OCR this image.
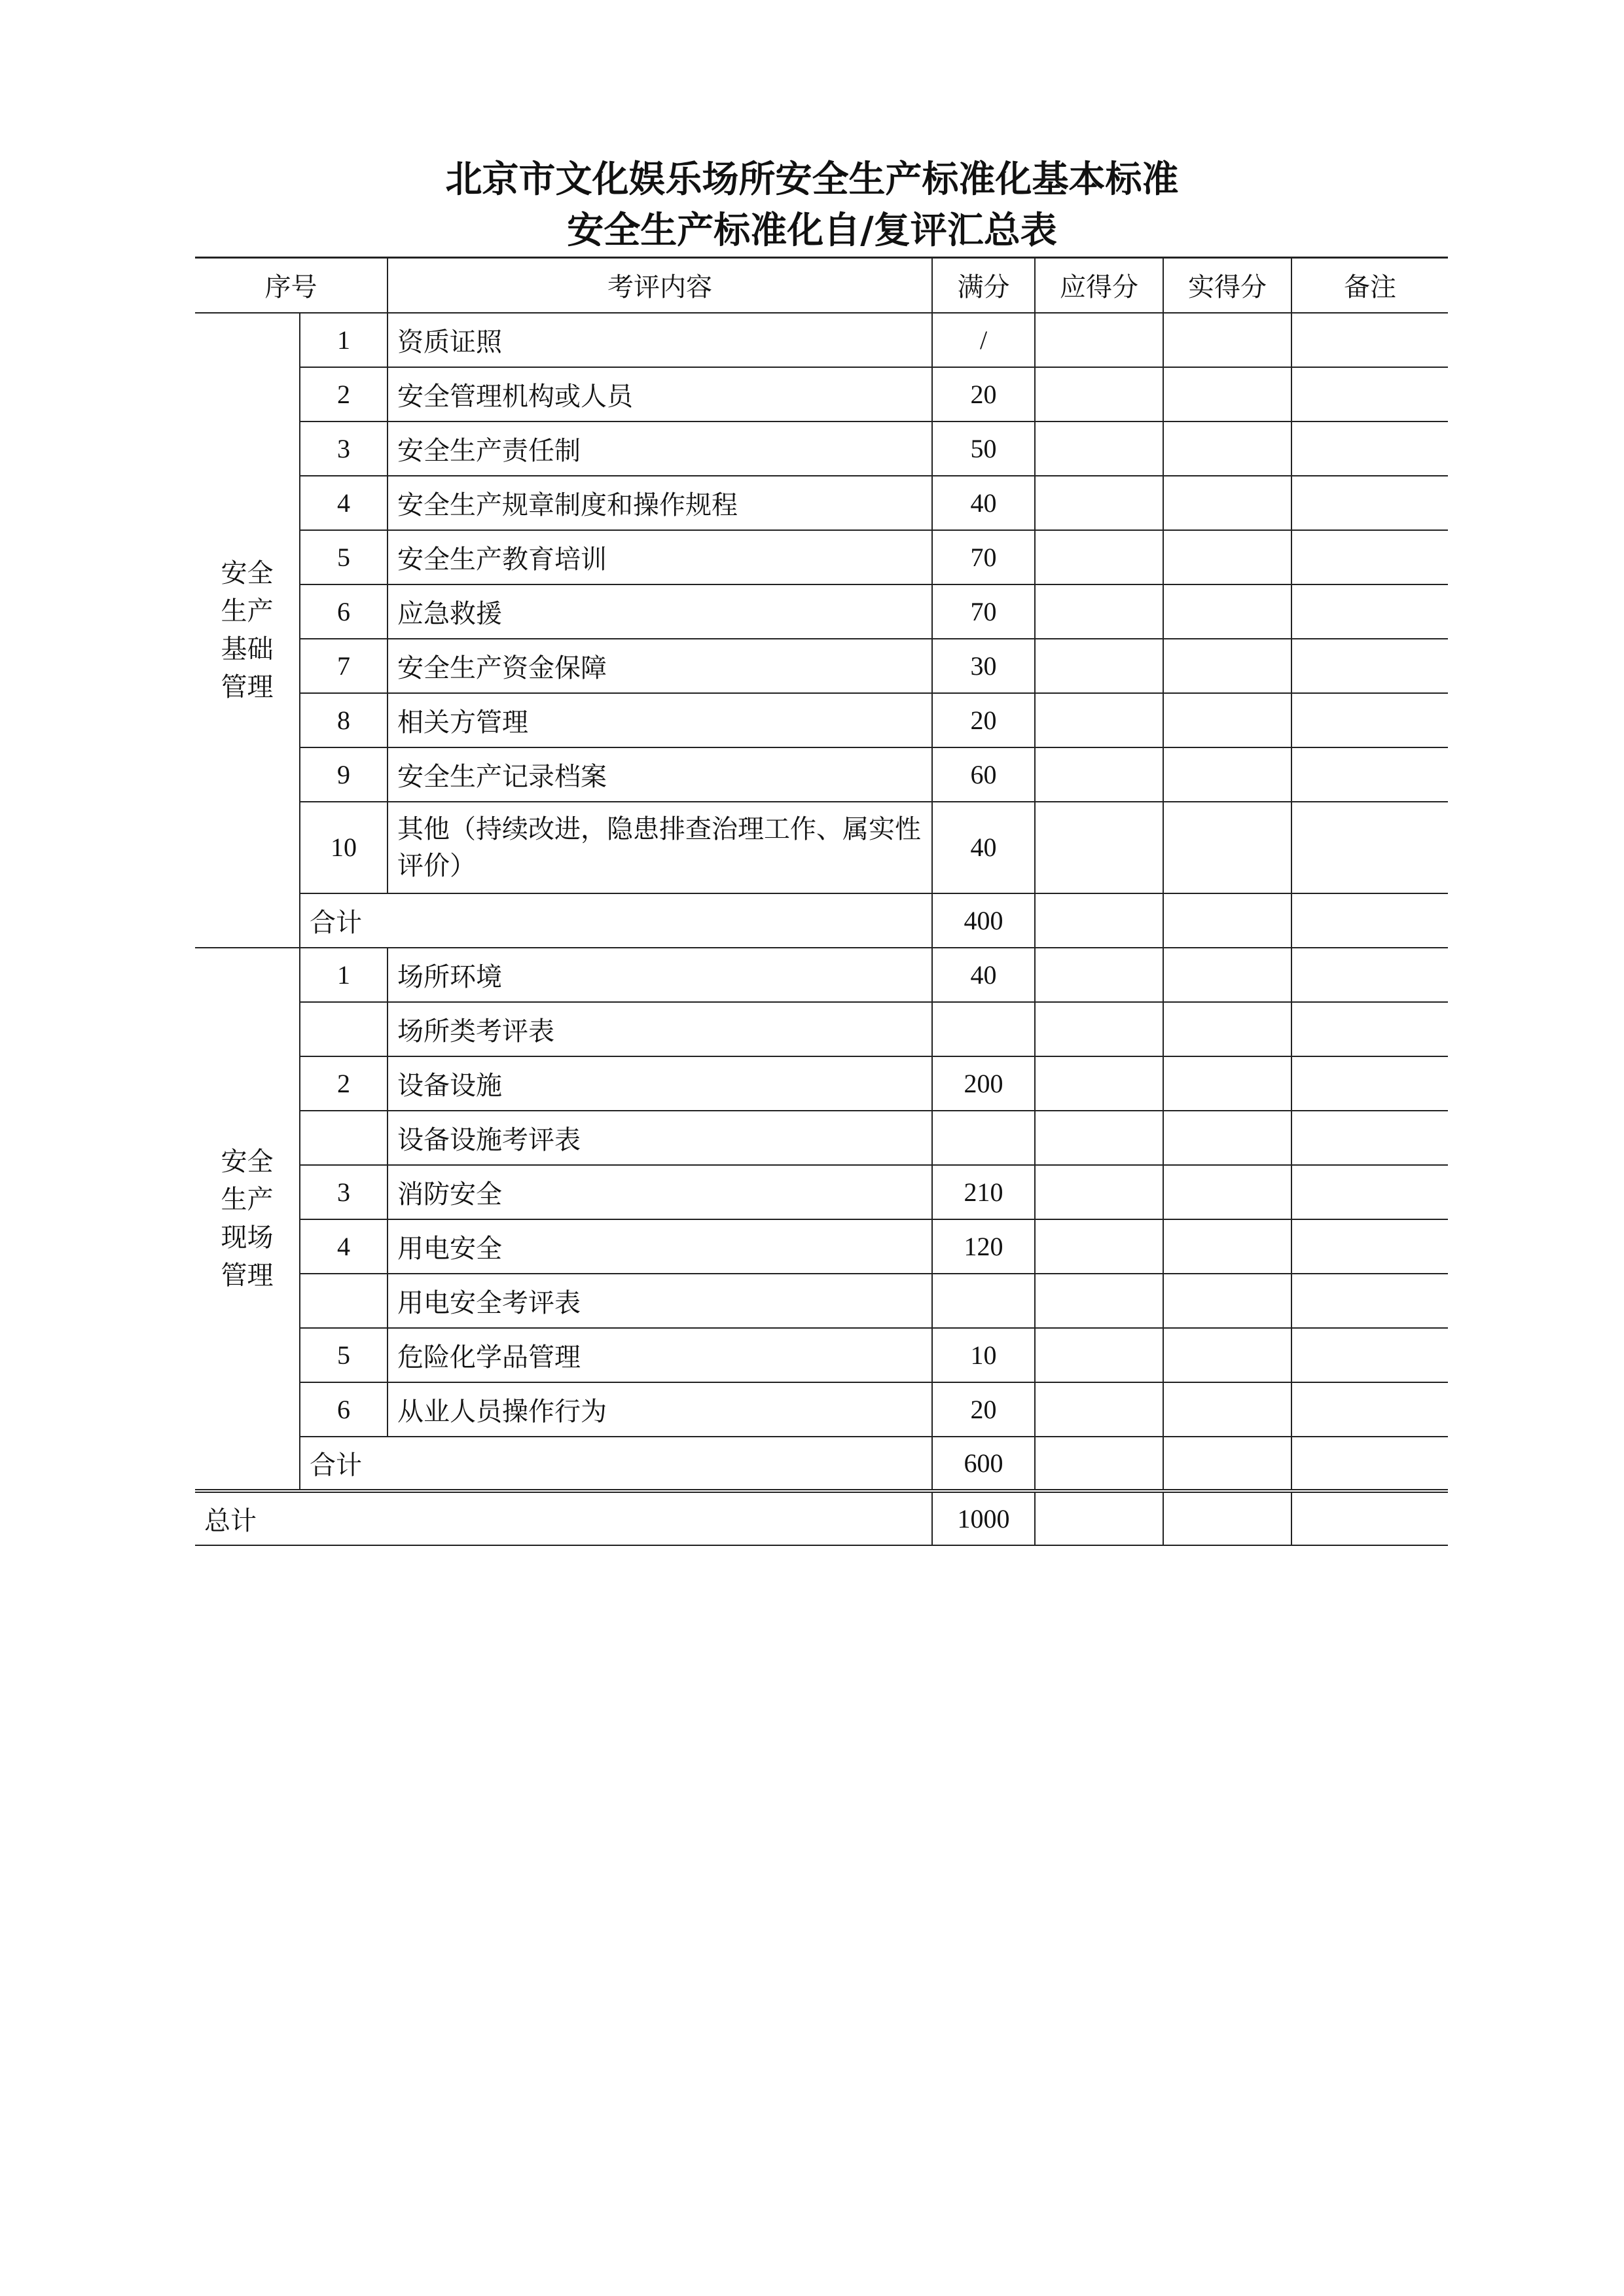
北京市文化娱乐场所安全生产标准化基本标准
安全生产标准化自/复评汇总表
序号		考评内容	满分	应得分	实得分	备注

安全
生产
基础
管理	1	资质证照	/			
	2	安全管理机构或人员	20			
	3	安全生产责任制	50			
	4	安全生产规章制度和操作规程	40			
	5	安全生产教育培训	70			
	6	应急救援	70			
	7	安全生产资金保障	30			
	8	相关方管理	20			
	9	安全生产记录档案	60			
	10	其他（持续改进，隐患排查治理工作、属实性评价）	40			
	合计		400			

安全
生产
现场
管理	1	场所环境	40			
		场所类考评表				
	2	设备设施	200			
		设备设施考评表				
	3	消防安全	210			
	4	用电安全	120			
		用电安全考评表				
	5	危险化学品管理	10			
	6	从业人员操作行为	20			
	合计		600			
总计			1000			
